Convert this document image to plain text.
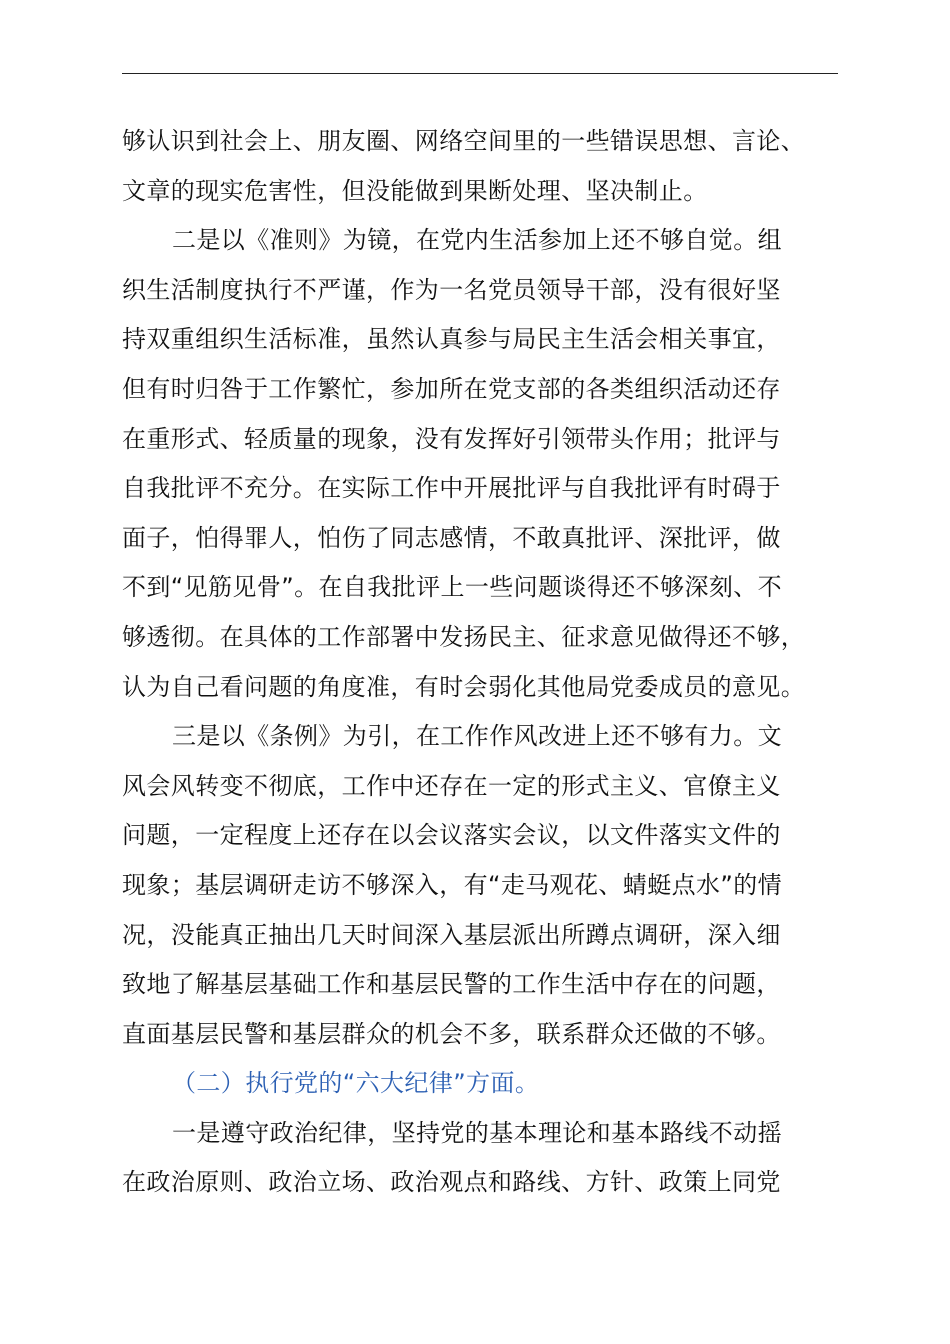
够认识到社会上、朋友圈、网络空间里的一些错误思想、言论、
文章的现实危害性，但没能做到果断处理、坚决制止。
二是以《准则》为镜，在党内生活参加上还不够自觉。组
织生活制度执行不严谨，作为一名党员领导干部，没有很好坚
持双重组织生活标准，虽然认真参与局民主生活会相关事宜，
但有时归咎于工作繁忙，参加所在党支部的各类组织活动还存
在重形式、轻质量的现象，没有发挥好引领带头作用；批评与
自我批评不充分。在实际工作中开展批评与自我批评有时碍于
面子，怕得罪人，怕伤了同志感情，不敢真批评、深批评，做
不到“见筋见骨”。在自我批评上一些问题谈得还不够深刻、不
够透彻。在具体的工作部署中发扬民主、征求意见做得还不够，
认为自己看问题的角度准，有时会弱化其他局党委成员的意见。
三是以《条例》为引，在工作作风改进上还不够有力。文
风会风转变不彻底，工作中还存在一定的形式主义、官僚主义
问题，一定程度上还存在以会议落实会议，以文件落实文件的
现象；基层调研走访不够深入，有“走马观花、蜻蜓点水”的情
况，没能真正抽出几天时间深入基层派出所蹲点调研，深入细
致地了解基层基础工作和基层民警的工作生活中存在的问题，
直面基层民警和基层群众的机会不多，联系群众还做的不够。
（二）执行党的“六大纪律”方面。
一是遵守政治纪律，坚持党的基本理论和基本路线不动摇
在政治原则、政治立场、政治观点和路线、方针、政策上同党
